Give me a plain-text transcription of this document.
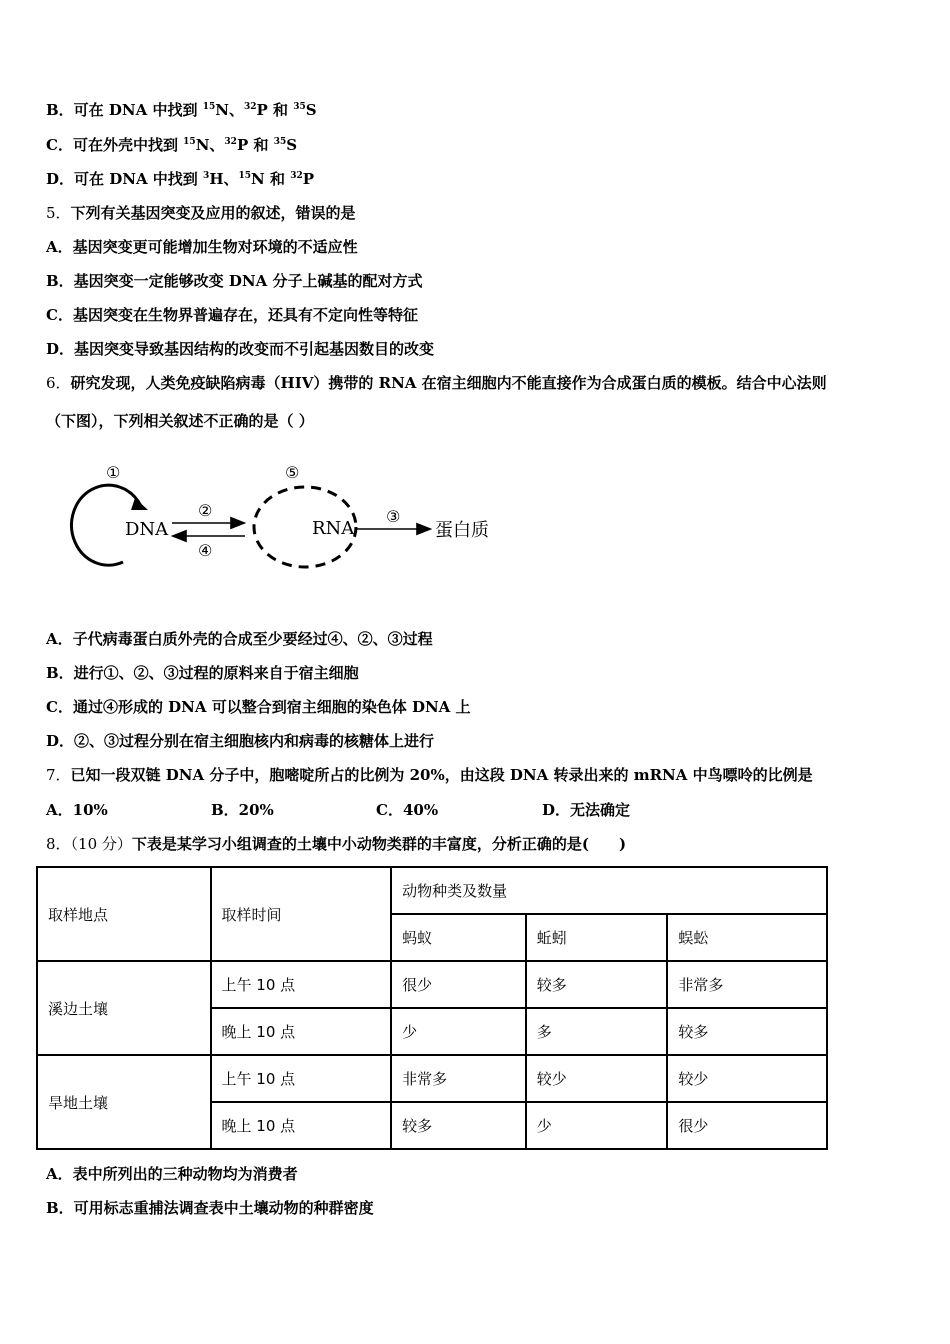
B．可在 DNA 中找到 $^{15}$N、$^{32}$P 和 $^{35}$S
C．可在外壳中找到 $^{15}$N、$^{32}$P 和 $^{35}$S
D．可在 DNA 中找到 $^3$H、$^{15}$N 和 $^{32}$P
5．下列有关基因突变及应用的叙述，错误的是
A．基因突变更可能增加生物对环境的不适应性
B．基因突变一定能够改变 DNA 分子上碱基的配对方式
C．基因突变在生物界普遍存在，还具有不定向性等特征
D．基因突变导致基因结构的改变而不引起基因数目的改变
6．研究发现，人类免疫缺陷病毒（HIV）携带的 RNA 在宿主细胞内不能直接作为合成蛋白质的模板。结合中心法则
（下图），下列相关叙述不正确的是（ ）
①
DNA
②
④
⑤
RNA
③
蛋白质
A．子代病毒蛋白质外壳的合成至少要经过④、②、③过程
B．进行①、②、③过程的原料来自于宿主细胞
C．通过④形成的 DNA 可以整合到宿主细胞的染色体 DNA 上
D．②、③过程分别在宿主细胞核内和病毒的核糖体上进行
7．已知一段双链 DNA 分子中，胞嘧啶所占的比例为 20%，由这段 DNA 转录出来的 mRNA 中鸟嘌呤的比例是
A．10%	B．20%	C．40%	D．无法确定
8．（10 分）下表是某学习小组调查的土壤中小动物类群的丰富度，分析正确的是(　　)
取样地点	取样时间	动物种类及数量		
		蚂蚁	蚯蚓	蜈蚣
溪边土壤	上午 10 点	很少	较多	非常多
	晚上 10 点	少	多	较多
旱地土壤	上午 10 点	非常多	较少	较少
	晚上 10 点	较多	少	很少
A．表中所列出的三种动物均为消费者
B．可用标志重捕法调查表中土壤动物的种群密度
